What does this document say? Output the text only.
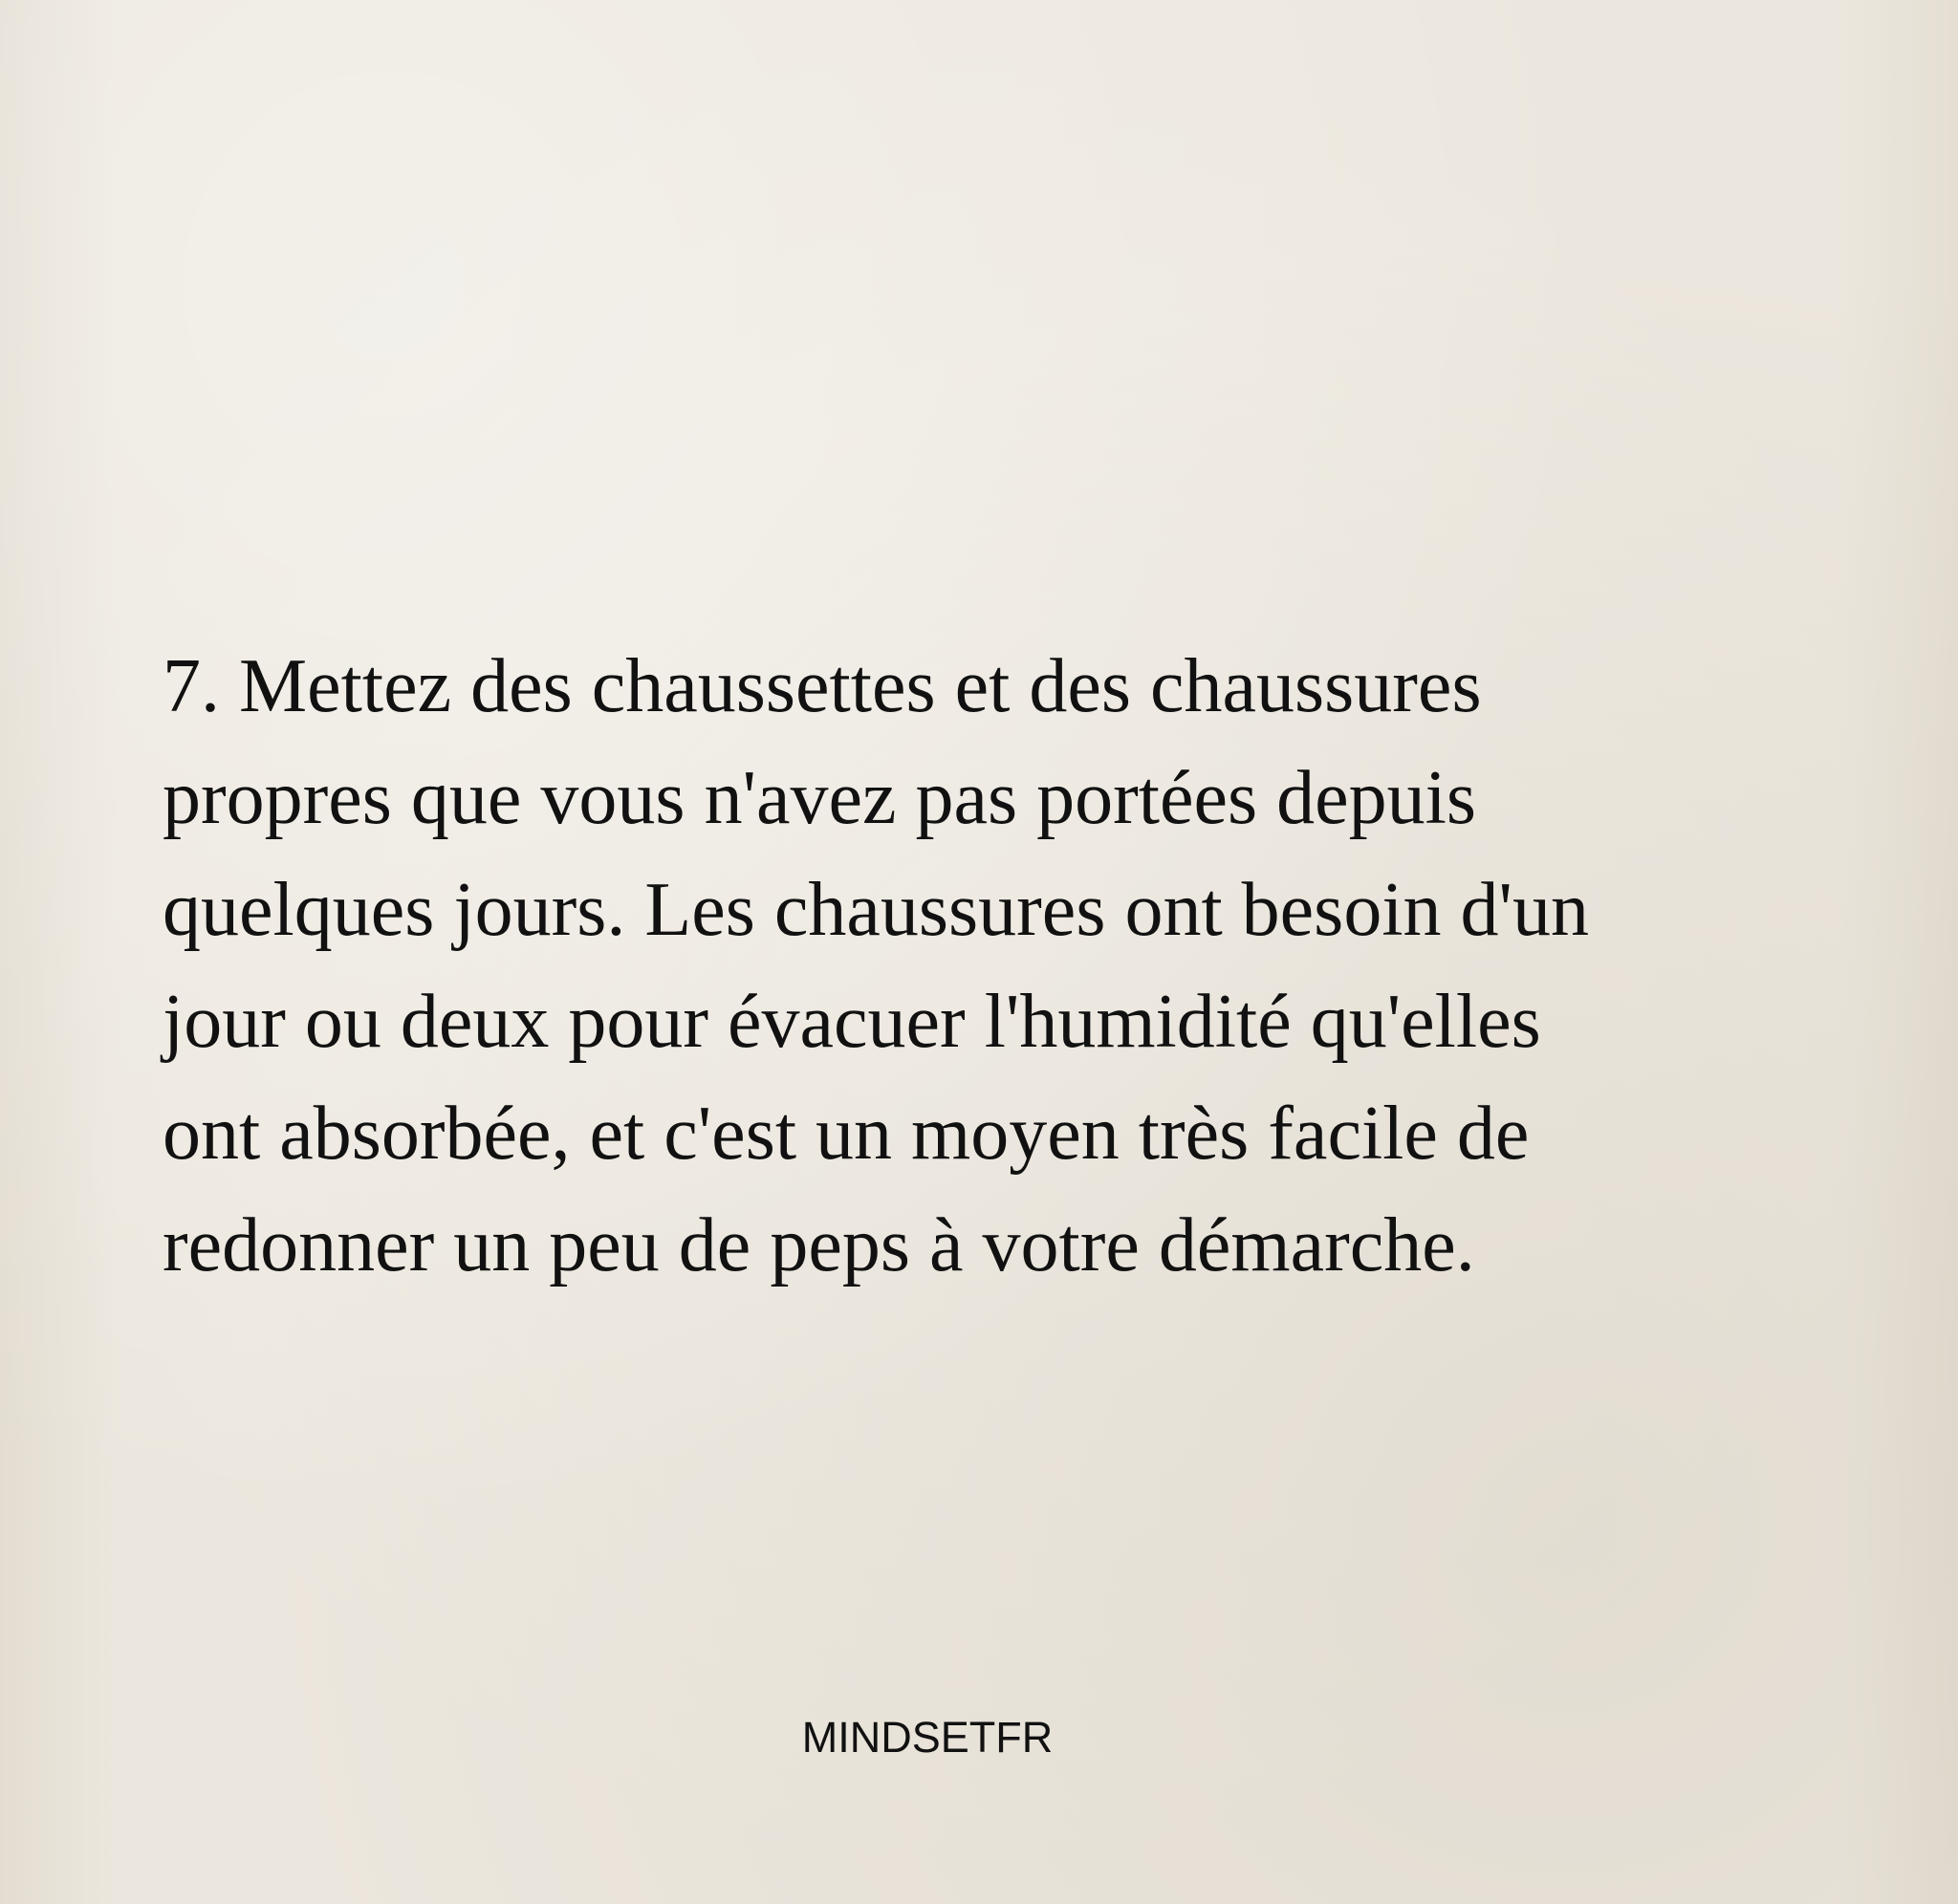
7. Mettez des chaussettes et des chaussures
propres que vous n'avez pas portées depuis
quelques jours. Les chaussures ont besoin d'un
jour ou deux pour évacuer l'humidité qu'elles
ont absorbée, et c'est un moyen très facile de
redonner un peu de peps à votre démarche.

MINDSETFR
